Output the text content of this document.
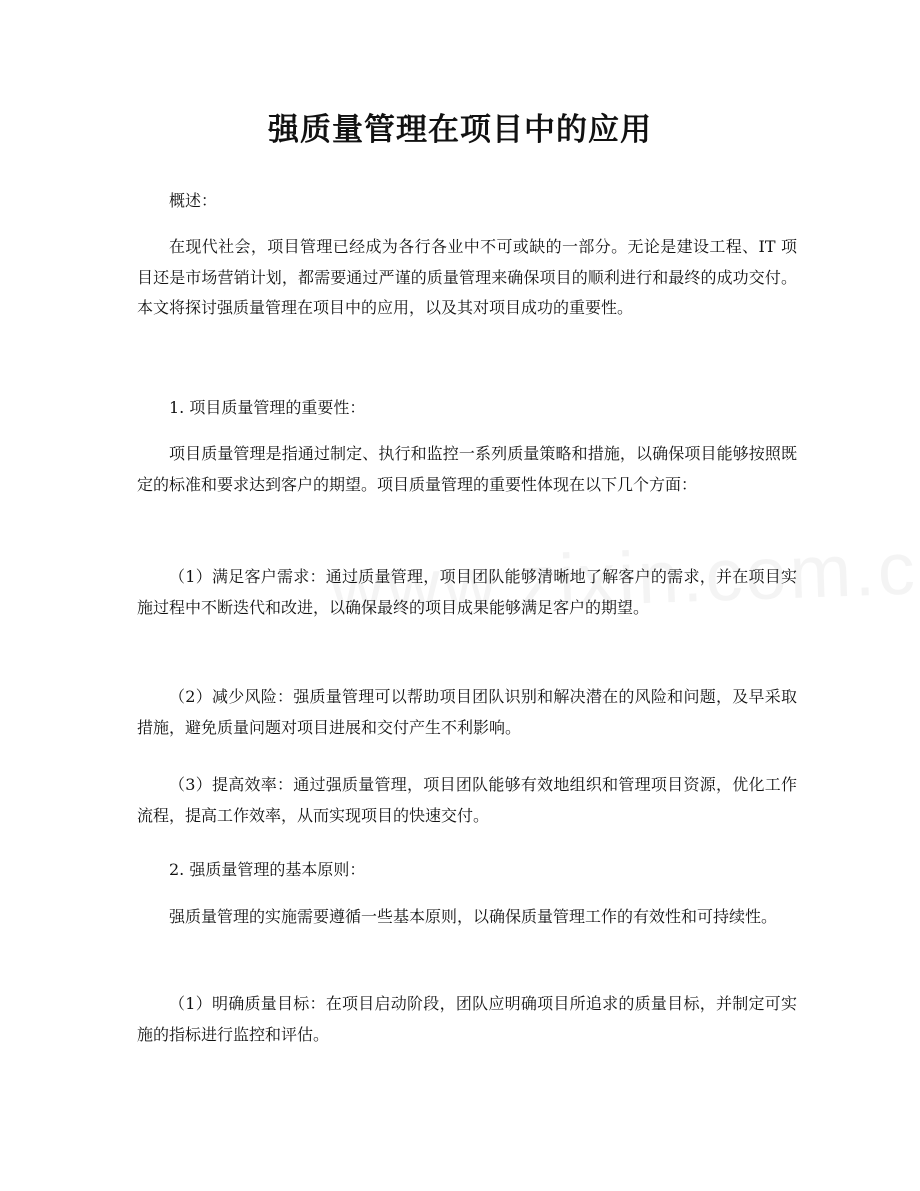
强质量管理在项目中的应用

概述：

在现代社会，项目管理已经成为各行各业中不可或缺的一部分。无论是建设工程、IT 项目还是市场营销计划，都需要通过严谨的质量管理来确保项目的顺利进行和最终的成功交付。本文将探讨强质量管理在项目中的应用，以及其对项目成功的重要性。

1. 项目质量管理的重要性：

项目质量管理是指通过制定、执行和监控一系列质量策略和措施，以确保项目能够按照既定的标准和要求达到客户的期望。项目质量管理的重要性体现在以下几个方面：

（1）满足客户需求：通过质量管理，项目团队能够清晰地了解客户的需求，并在项目实施过程中不断迭代和改进，以确保最终的项目成果能够满足客户的期望。

（2）减少风险：强质量管理可以帮助项目团队识别和解决潜在的风险和问题，及早采取措施，避免质量问题对项目进展和交付产生不利影响。

（3）提高效率：通过强质量管理，项目团队能够有效地组织和管理项目资源，优化工作流程，提高工作效率，从而实现项目的快速交付。

2. 强质量管理的基本原则：

强质量管理的实施需要遵循一些基本原则，以确保质量管理工作的有效性和可持续性。

（1）明确质量目标：在项目启动阶段，团队应明确项目所追求的质量目标，并制定可实施的指标进行监控和评估。
